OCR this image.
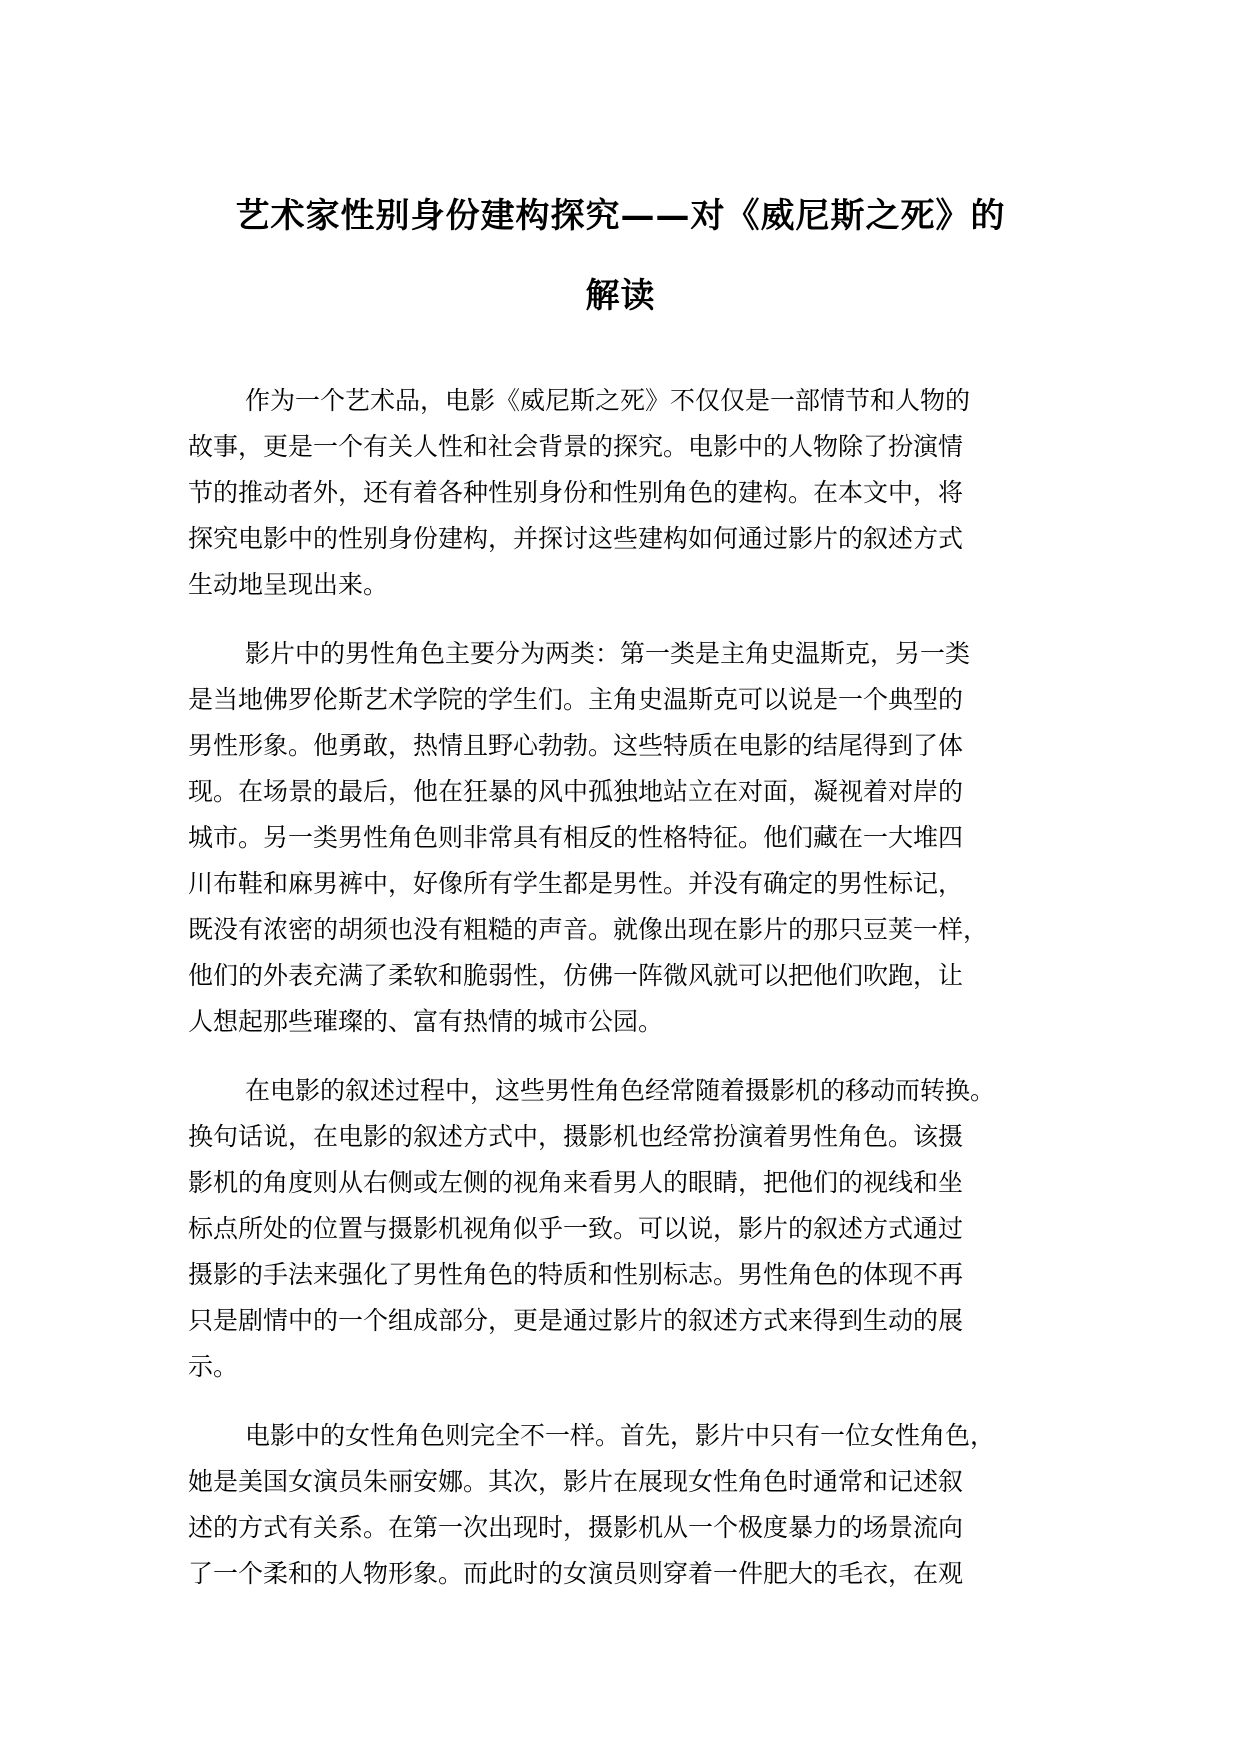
艺术家性别身份建构探究——对《威尼斯之死》的
解读

作为一个艺术品，电影《威尼斯之死》不仅仅是一部情节和人物的
故事，更是一个有关人性和社会背景的探究。电影中的人物除了扮演情
节的推动者外，还有着各种性别身份和性别角色的建构。在本文中，将
探究电影中的性别身份建构，并探讨这些建构如何通过影片的叙述方式
生动地呈现出来。

影片中的男性角色主要分为两类：第一类是主角史温斯克，另一类
是当地佛罗伦斯艺术学院的学生们。主角史温斯克可以说是一个典型的
男性形象。他勇敢，热情且野心勃勃。这些特质在电影的结尾得到了体
现。在场景的最后，他在狂暴的风中孤独地站立在对面，凝视着对岸的
城市。另一类男性角色则非常具有相反的性格特征。他们藏在一大堆四
川布鞋和麻男裤中，好像所有学生都是男性。并没有确定的男性标记，
既没有浓密的胡须也没有粗糙的声音。就像出现在影片的那只豆荚一样，
他们的外表充满了柔软和脆弱性，仿佛一阵微风就可以把他们吹跑，让
人想起那些璀璨的、富有热情的城市公园。

在电影的叙述过程中，这些男性角色经常随着摄影机的移动而转换。
换句话说，在电影的叙述方式中，摄影机也经常扮演着男性角色。该摄
影机的角度则从右侧或左侧的视角来看男人的眼睛，把他们的视线和坐
标点所处的位置与摄影机视角似乎一致。可以说，影片的叙述方式通过
摄影的手法来强化了男性角色的特质和性别标志。男性角色的体现不再
只是剧情中的一个组成部分，更是通过影片的叙述方式来得到生动的展
示。

电影中的女性角色则完全不一样。首先，影片中只有一位女性角色，
她是美国女演员朱丽安娜。其次，影片在展现女性角色时通常和记述叙
述的方式有关系。在第一次出现时，摄影机从一个极度暴力的场景流向
了一个柔和的人物形象。而此时的女演员则穿着一件肥大的毛衣，在观
